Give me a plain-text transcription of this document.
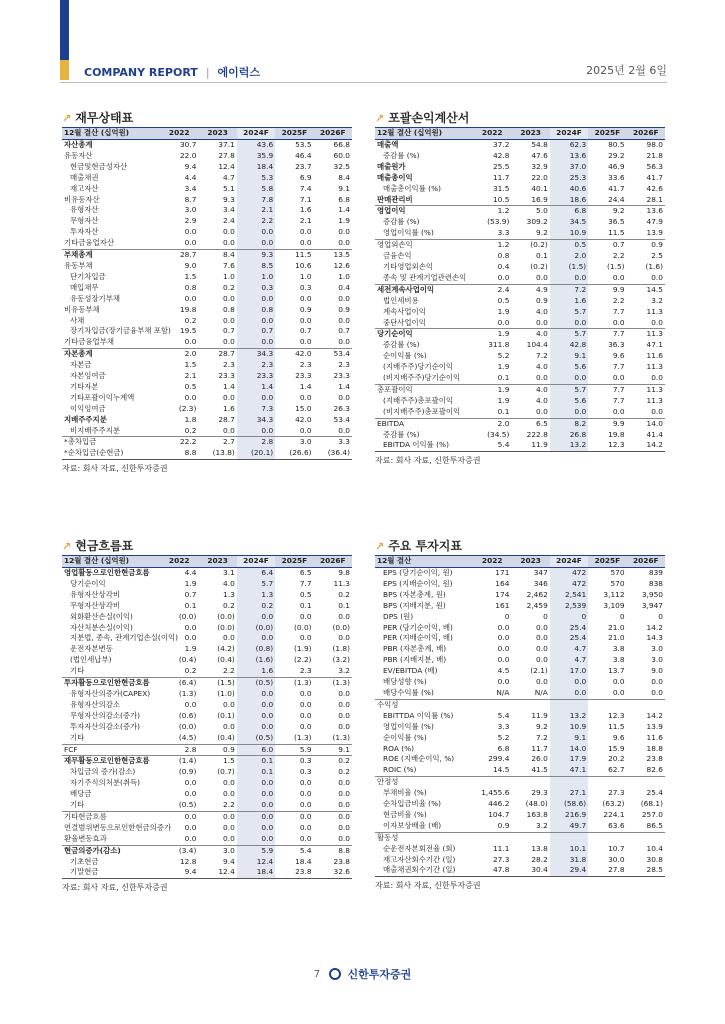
COMPANY REPORT | 에이럭스	2025년 2월 6일
↗ 재무상태표
12월 결산 (십억원)	2022	2023	2024F	2025F	2026F
자산총계	30.7	37.1	43.6	53.5	66.8
유동자산	22.0	27.8	35.9	46.4	60.0
현금및현금성자산	9.4	12.4	18.4	23.7	32.5
매출채권	4.4	4.7	5.3	6.9	8.4
재고자산	3.4	5.1	5.8	7.4	9.1
비유동자산	8.7	9.3	7.8	7.1	6.8
유형자산	3.0	3.4	2.1	1.6	1.4
무형자산	2.9	2.4	2.2	2.1	1.9
투자자산	0.0	0.0	0.0	0.0	0.0
기타금융업자산	0.0	0.0	0.0	0.0	0.0
부채총계	28.7	8.4	9.3	11.5	13.5
유동부채	9.0	7.6	8.5	10.6	12.6
단기차입금	1.5	1.0	1.0	1.0	1.0
매입채무	0.8	0.2	0.3	0.3	0.4
유동성장기부채	0.0	0.0	0.0	0.0	0.0
비유동부채	19.8	0.8	0.8	0.9	0.9
사채	0.2	0.0	0.0	0.0	0.0
장기차입금(장기금융부채 포함)	19.5	0.7	0.7	0.7	0.7
기타금융업부채	0.0	0.0	0.0	0.0	0.0
자본총계	2.0	28.7	34.3	42.0	53.4
자본금	1.5	2.3	2.3	2.3	2.3
자본잉여금	2.1	23.3	23.3	23.3	23.3
기타자본	0.5	1.4	1.4	1.4	1.4
기타포괄이익누계액	0.0	0.0	0.0	0.0	0.0
이익잉여금	(2.3)	1.6	7.3	15.0	26.3
지배주주지분	1.8	28.7	34.3	42.0	53.4
비지배주주지분	0.2	0.0	0.0	0.0	0.0
*총차입금	22.2	2.7	2.8	3.0	3.3
*순차입금(순현금)	8.8	(13.8)	(20.1)	(26.6)	(36.4)
자료: 회사 자료, 신한투자증권
↗ 포괄손익계산서
12월 결산 (십억원)	2022	2023	2024F	2025F	2026F
매출액	37.2	54.8	62.3	80.5	98.0
증감률 (%)	42.8	47.6	13.6	29.2	21.8
매출원가	25.5	32.9	37.0	46.9	56.3
매출총이익	11.7	22.0	25.3	33.6	41.7
매출총이익률 (%)	31.5	40.1	40.6	41.7	42.6
판매관리비	10.5	16.9	18.6	24.4	28.1
영업이익	1.2	5.0	6.8	9.2	13.6
증감률 (%)	(53.9)	309.2	34.5	36.5	47.9
영업이익률 (%)	3.3	9.2	10.9	11.5	13.9
영업외손익	1.2	(0.2)	0.5	0.7	0.9
금융손익	0.8	0.1	2.0	2.2	2.5
기타영업외손익	0.4	(0.2)	(1.5)	(1.5)	(1.6)
종속 및 관계기업관련손익	0.0	0.0	0.0	0.0	0.0
세전계속사업이익	2.4	4.9	7.2	9.9	14.5
법인세비용	0.5	0.9	1.6	2.2	3.2
계속사업이익	1.9	4.0	5.7	7.7	11.3
중단사업이익	0.0	0.0	0.0	0.0	0.0
당기순이익	1.9	4.0	5.7	7.7	11.3
증감률 (%)	311.8	104.4	42.8	36.3	47.1
순이익률 (%)	5.2	7.2	9.1	9.6	11.6
(지배주주)당기순이익	1.9	4.0	5.6	7.7	11.3
(비지배주주)당기순이익	0.1	0.0	0.0	0.0	0.0
총포괄이익	1.9	4.0	5.7	7.7	11.3
(지배주주)총포괄이익	1.9	4.0	5.6	7.7	11.3
(비지배주주)총포괄이익	0.1	0.0	0.0	0.0	0.0
EBITDA	2.0	6.5	8.2	9.9	14.0
증감률 (%)	(34.5)	222.8	26.8	19.8	41.4
EBITDA 이익률 (%)	5.4	11.9	13.2	12.3	14.2
자료: 회사 자료, 신한투자증권
↗ 현금흐름표
12월 결산 (십억원)	2022	2023	2024F	2025F	2026F
영업활동으로인한현금흐름	4.4	3.1	6.4	6.5	9.8
당기순이익	1.9	4.0	5.7	7.7	11.3
유형자산상각비	0.7	1.3	1.3	0.5	0.2
무형자산상각비	0.1	0.2	0.2	0.1	0.1
외화환산손실(이익)	(0.0)	(0.0)	0.0	0.0	0.0
자산처분손실(이익)	0.0	(0.0)	(0.0)	(0.0)	(0.0)
지분법, 종속, 관계기업손실(이익)	0.0	0.0	0.0	0.0	0.0
운전자본변동	1.9	(4.2)	(0.8)	(1.9)	(1.8)
(법인세납부)	(0.4)	(0.4)	(1.6)	(2.2)	(3.2)
기타	0.2	2.2	1.6	2.3	3.2
투자활동으로인한현금흐름	(6.4)	(1.5)	(0.5)	(1.3)	(1.3)
유형자산의증가(CAPEX)	(1.3)	(1.0)	0.0	0.0	0.0
유형자산의감소	0.0	0.0	0.0	0.0	0.0
무형자산의감소(증가)	(0.6)	(0.1)	0.0	0.0	0.0
투자자산의감소(증가)	(0.0)	0.0	0.0	0.0	0.0
기타	(4.5)	(0.4)	(0.5)	(1.3)	(1.3)
FCF	2.8	0.9	6.0	5.9	9.1
재무활동으로인한현금흐름	(1.4)	1.5	0.1	0.3	0.2
차입금의 증가(감소)	(0.9)	(0.7)	0.1	0.3	0.2
자기주식의처분(취득)	0.0	0.0	0.0	0.0	0.0
배당금	0.0	0.0	0.0	0.0	0.0
기타	(0.5)	2.2	0.0	0.0	0.0
기타현금흐름	0.0	0.0	0.0	0.0	0.0
연결범위변동으로인한현금의증가	0.0	0.0	0.0	0.0	0.0
환율변동효과	0.0	0.0	0.0	0.0	0.0
현금의증가(감소)	(3.4)	3.0	5.9	5.4	8.8
기초현금	12.8	9.4	12.4	18.4	23.8
기말현금	9.4	12.4	18.4	23.8	32.6
자료: 회사 자료, 신한투자증권
↗ 주요 투자지표
12월 결산	2022	2023	2024F	2025F	2026F
EPS (당기순이익, 원)	171	347	472	570	839
EPS (지배순이익, 원)	164	346	472	570	838
BPS (자본총계, 원)	174	2,462	2,541	3,112	3,950
BPS (지배지분, 원)	161	2,459	2,539	3,109	3,947
DPS (원)	0	0	0	0	0
PER (당기순이익, 배)	0.0	0.0	25.4	21.0	14.2
PER (지배순이익, 배)	0.0	0.0	25.4	21.0	14.3
PBR (자본총계, 배)	0.0	0.0	4.7	3.8	3.0
PBR (지배지분, 배)	0.0	0.0	4.7	3.8	3.0
EV/EBITDA (배)	4.5	(2.1)	17.0	13.7	9.0
배당성향 (%)	0.0	0.0	0.0	0.0	0.0
배당수익률 (%)	N/A	N/A	0.0	0.0	0.0
수익성					
EBITTDA 이익률 (%)	5.4	11.9	13.2	12.3	14.2
영업이익률 (%)	3.3	9.2	10.9	11.5	13.9
순이익률 (%)	5.2	7.2	9.1	9.6	11.6
ROA (%)	6.8	11.7	14.0	15.9	18.8
ROE (지배순이익, %)	299.4	26.0	17.9	20.2	23.8
ROIC (%)	14.5	41.5	47.1	62.7	82.6
안정성					
부채비율 (%)	1,455.6	29.3	27.1	27.3	25.4
순차입금비율 (%)	446.2	(48.0)	(58.6)	(63.2)	(68.1)
현금비율 (%)	104.7	163.8	216.9	224.1	257.0
이자보상배율 (배)	0.9	3.2	49.7	63.6	86.5
활동성					
순운전자본회전율 (회)	11.1	13.8	10.1	10.7	10.4
재고자산회수기간 (일)	27.3	28.2	31.8	30.0	30.8
매출채권회수기간 (일)	47.8	30.4	29.4	27.8	28.5
자료: 회사 자료, 신한투자증권
7 신한투자증권
